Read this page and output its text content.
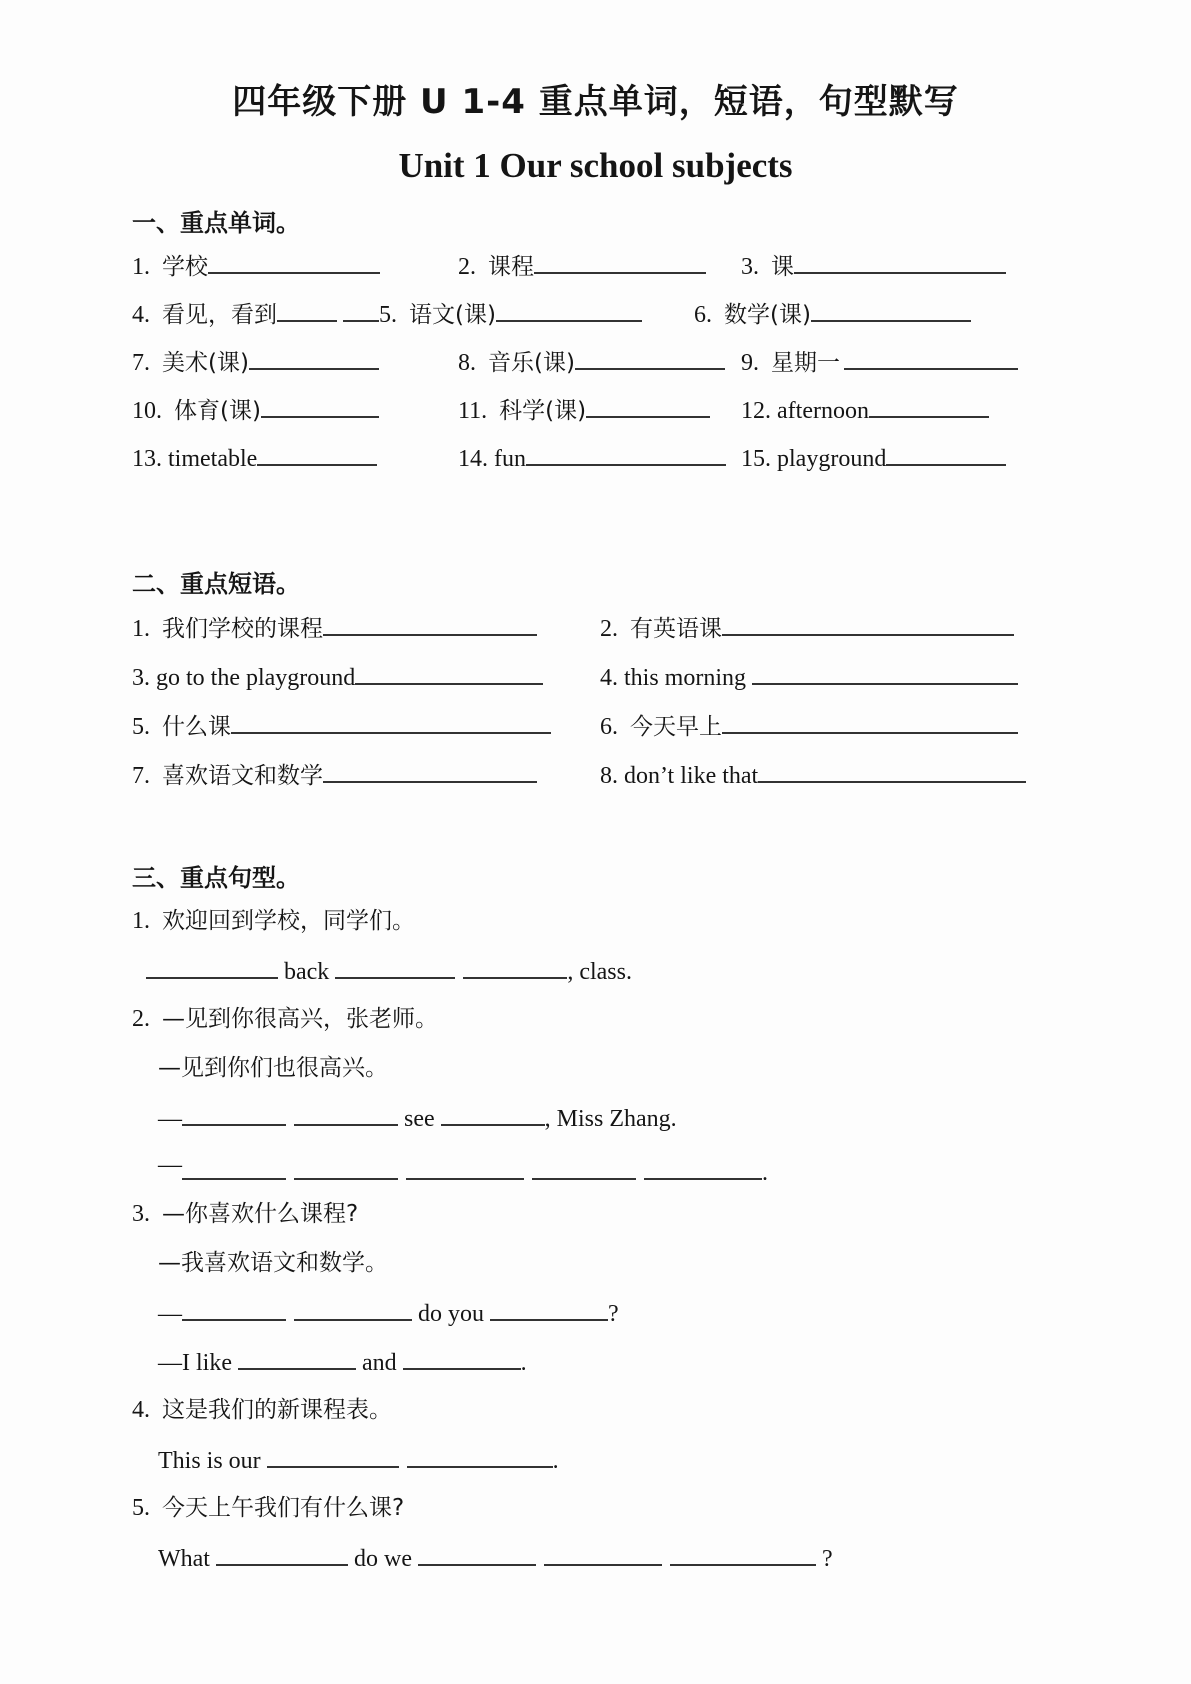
四年级下册 U 1-4 重点单词，短语，句型默写
Unit 1 Our school subjects
一、重点单词。
1. 学校	2. 课程	3. 课
4. 看见，看到	5. 语文(课)	6. 数学(课)
7. 美术(课)	8. 音乐(课)	9. 星期一
10. 体育(课)	11. 科学(课)	12. afternoon
13. timetable	14. fun	15. playground
二、重点短语。
1. 我们学校的课程	2. 有英语课
3. go to the playground	4. this morning
5. 什么课	6. 今天早上
7. 喜欢语文和数学	8. don’t like that
三、重点句型。
1. 欢迎回到学校，同学们。
back	, class.
2. —见到你很高兴，张老师。
—见到你们也很高兴。
—	see	, Miss Zhang.
—	.
3. —你喜欢什么课程?
—我喜欢语文和数学。
—	do you	?
—I like	and	.
4. 这是我们的新课程表。
This is our	.
5. 今天上午我们有什么课?
What	do we	?
